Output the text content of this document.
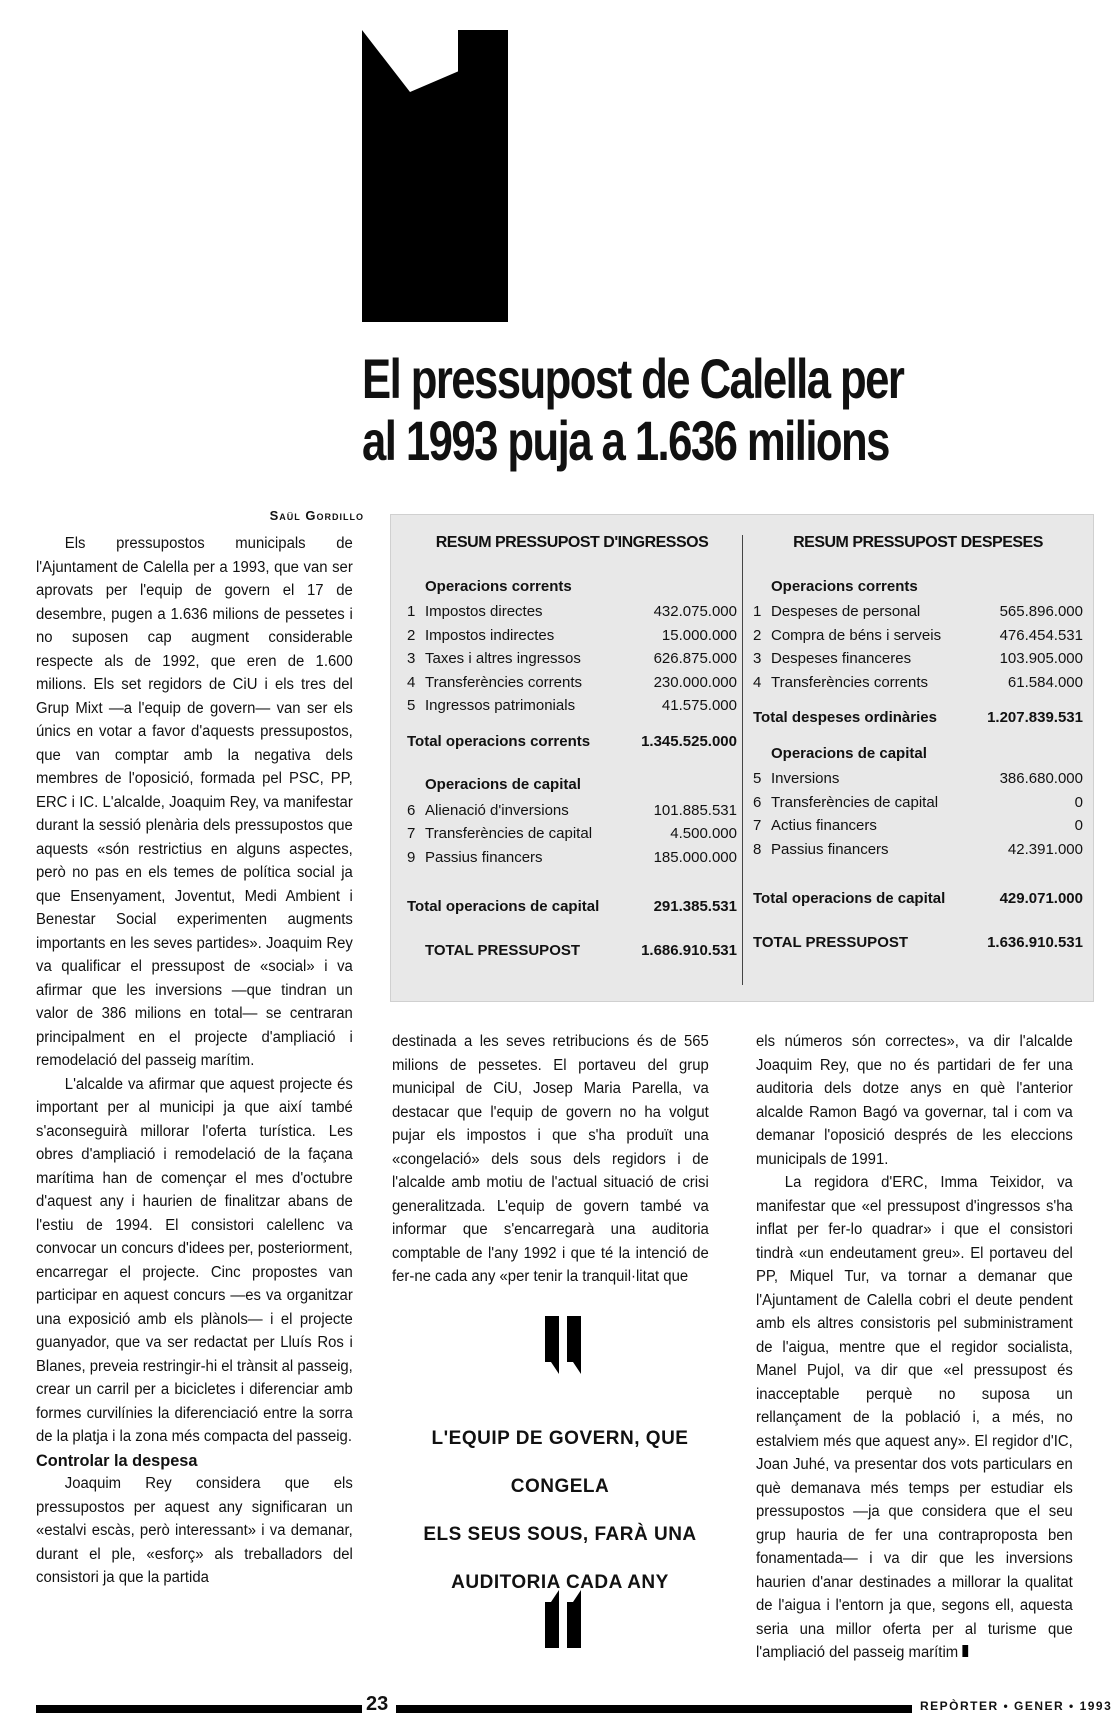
El pressupost de Calella per
al 1993 puja a 1.636 milions
Saül Gordillo

Els pressupostos municipals de l'Ajuntament de Calella per a 1993, que van ser aprovats per l'equip de govern el 17 de desembre, pugen a 1.636 milions de pessetes i no suposen cap augment considerable respecte als de 1992, que eren de 1.600 milions. Els set regidors de CiU i els tres del Grup Mixt —a l'equip de govern— van ser els únics en votar a favor d'aquests pressupostos, que van comptar amb la negativa dels membres de l'oposició, formada pel PSC, PP, ERC i IC. L'alcalde, Joaquim Rey, va manifestar durant la sessió plenària dels pressupostos que aquests «són restrictius en alguns aspectes, però no pas en els temes de política social ja que Ensenyament, Joventut, Medi Ambient i Benestar Social experimenten augments importants en les seves partides». Joaquim Rey va qualificar el pressupost de «social» i va afirmar que les inversions —que tindran un valor de 386 milions en total— se centraran principalment en el projecte d'ampliació i remodelació del passeig marítim.

L'alcalde va afirmar que aquest projecte és important per al municipi ja que així també s'aconseguirà millorar l'oferta turística. Les obres d'ampliació i remodelació de la façana marítima han de començar el mes d'octubre d'aquest any i haurien de finalitzar abans de l'estiu de 1994. El consistori calellenc va convocar un concurs d'idees per, posteriorment, encarregar el projecte. Cinc propostes van participar en aquest concurs —es va organitzar una exposició amb els plànols— i el projecte guanyador, que va ser redactat per Lluís Ros i Blanes, preveia restringir-hi el trànsit al passeig, crear un carril per a bicicletes i diferenciar amb formes curvilínies la diferenciació entre la sorra de la platja i la zona més compacta del passeig.

Controlar la despesa

Joaquim Rey considera que els pressupostos per aquest any significaran un «estalvi escàs, però interessant» i va demanar, durant el ple, «esforç» als treballadors del consistori ja que la partida

RESUM PRESSUPOST D'INGRESSOS
Operacions corrents
1 Impostos directes	432.075.000
2 Impostos indirectes	15.000.000
3 Taxes i altres ingressos	626.875.000
4 Transferències corrents	230.000.000
5 Ingressos patrimonials	41.575.000
Total operacions corrents	1.345.525.000
Operacions de capital
6 Alienació d'inversions	101.885.531
7 Transferències de capital	4.500.000
9 Passius financers	185.000.000
Total operacions de capital	291.385.531
TOTAL PRESSUPOST	1.686.910.531
RESUM PRESSUPOST DESPESES
Operacions corrents
1 Despeses de personal	565.896.000
2 Compra de béns i serveis	476.454.531
3 Despeses financeres	103.905.000
4 Transferències corrents	61.584.000
Total despeses ordinàries	1.207.839.531
Operacions de capital
5 Inversions	386.680.000
6 Transferències de capital	0
7 Actius financers	0
8 Passius financers	42.391.000
Total operacions de capital	429.071.000
TOTAL PRESSUPOST	1.636.910.531

destinada a les seves retribucions és de 565 milions de pessetes. El portaveu del grup municipal de CiU, Josep Maria Parella, va destacar que l'equip de govern no ha volgut pujar els impostos i que s'ha produït una «congelació» dels sous dels regidors i de l'alcalde amb motiu de l'actual situació de crisi generalitzada. L'equip de govern també va informar que s'encarregarà una auditoria comptable de l'any 1992 i que té la intenció de fer-ne cada any «per tenir la tranquil·litat que

L'EQUIP DE GOVERN, QUE CONGELA
ELS SEUS SOUS, FARÀ UNA
AUDITORIA CADA ANY

els números són correctes», va dir l'alcalde Joaquim Rey, que no és partidari de fer una auditoria dels dotze anys en què l'anterior alcalde Ramon Bagó va governar, tal i com va demanar l'oposició després de les eleccions municipals de 1991.

La regidora d'ERC, Imma Teixidor, va manifestar que «el pressupost d'ingressos s'ha inflat per fer-lo quadrar» i que el consistori tindrà «un endeutament greu». El portaveu del PP, Miquel Tur, va tornar a demanar que l'Ajuntament de Calella cobri el deute pendent amb els altres consistoris pel subministrament de l'aigua, mentre que el regidor socialista, Manel Pujol, va dir que «el pressupost és inacceptable perquè no suposa un rellançament de la població i, a més, no estalviem més que aquest any». El regidor d'IC, Joan Juhé, va presentar dos vots particulars en què demanava més temps per estudiar els pressupostos —ja que considera que el seu grup hauria de fer una contraproposta ben fonamentada— i va dir que les inversions haurien d'anar destinades a millorar la qualitat de l'aigua i l'entorn ja que, segons ell, aquesta seria una millor oferta per al turisme que l'ampliació del passeig marítim

23	REPÒRTER • GENER • 1993
